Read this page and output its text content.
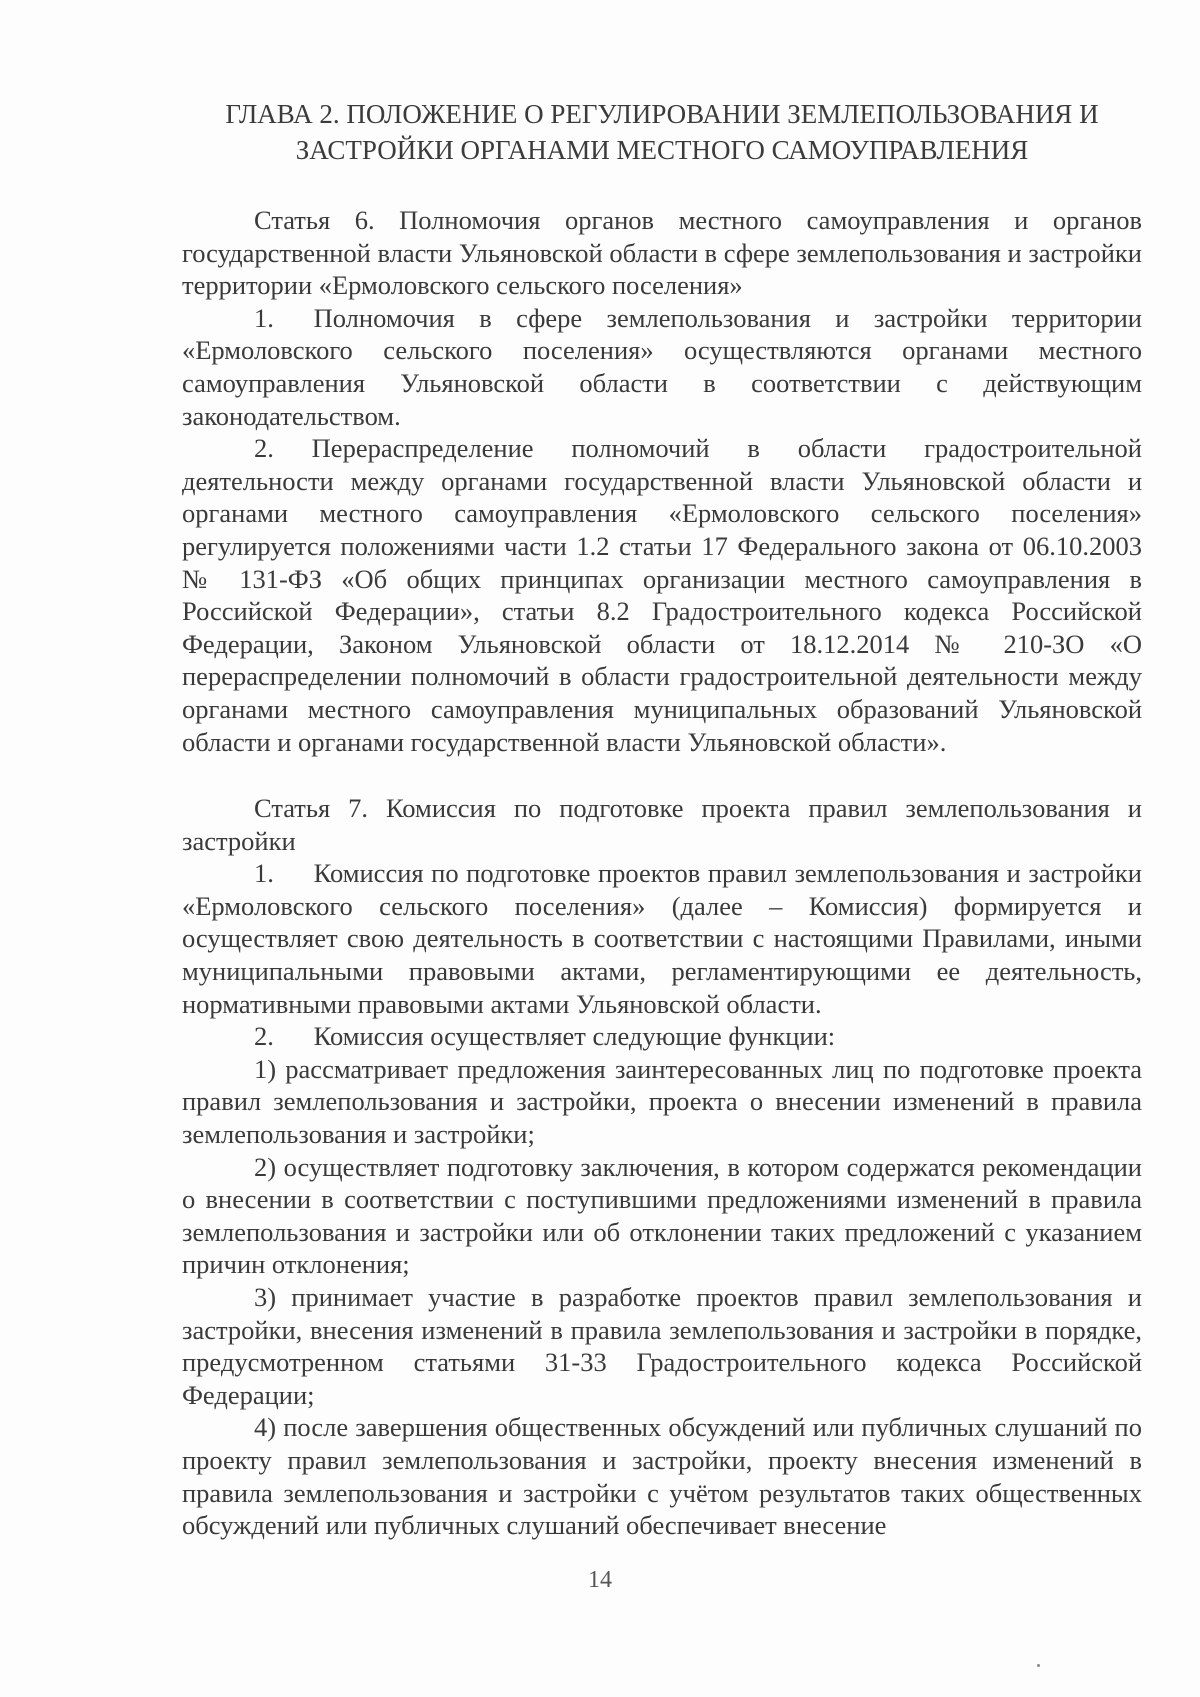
ГЛАВА 2. ПОЛОЖЕНИЕ О РЕГУЛИРОВАНИИ ЗЕМЛЕПОЛЬЗОВАНИЯ И
ЗАСТРОЙКИ ОРГАНАМИ МЕСТНОГО САМОУПРАВЛЕНИЯ

Статья 6. Полномочия органов местного самоуправления и органов государственной власти Ульяновской области в сфере землепользования и застройки территории «Ермоловского сельского поселения»

1.  Полномочия в сфере землепользования и застройки территории «Ермоловского сельского поселения» осуществляются органами местного самоуправления Ульяновской области в соответствии с действующим законодательством.

2. Перераспределение полномочий в области градостроительной деятельности между органами государственной власти Ульяновской области и органами местного самоуправления «Ермоловского сельского поселения» регулируется положениями части 1.2 статьи 17 Федерального закона от 06.10.2003 № 131-ФЗ «Об общих принципах организации местного самоуправления в Российской Федерации», статьи 8.2 Градостроительного кодекса Российской Федерации, Законом Ульяновской области от 18.12.2014 № 210-ЗО «О перераспределении полномочий в области градостроительной деятельности между органами местного самоуправления муниципальных образований Ульяновской области и органами государственной власти Ульяновской области».

Статья 7. Комиссия по подготовке проекта правил землепользования и застройки

1.  Комиссия по подготовке проектов правил землепользования и застройки «Ермоловского сельского поселения» (далее – Комиссия) формируется и осуществляет свою деятельность в соответствии с настоящими Правилами, иными муниципальными правовыми актами, регламентирующими ее деятельность, нормативными правовыми актами Ульяновской области.

2.  Комиссия осуществляет следующие функции:

1) рассматривает предложения заинтересованных лиц по подготовке проекта правил землепользования и застройки, проекта о внесении изменений в правила землепользования и застройки;

2) осуществляет подготовку заключения, в котором содержатся рекомендации о внесении в соответствии с поступившими предложениями изменений в правила землепользования и застройки или об отклонении таких предложений с указанием причин отклонения;

3) принимает участие в разработке проектов правил землепользования и застройки, внесения изменений в правила землепользования и застройки в порядке, предусмотренном статьями 31-33 Градостроительного кодекса Российской Федерации;

4) после завершения общественных обсуждений или публичных слушаний по проекту правил землепользования и застройки, проекту внесения изменений в правила землепользования и застройки с учётом результатов таких общественных обсуждений или публичных слушаний обеспечивает внесение

14
